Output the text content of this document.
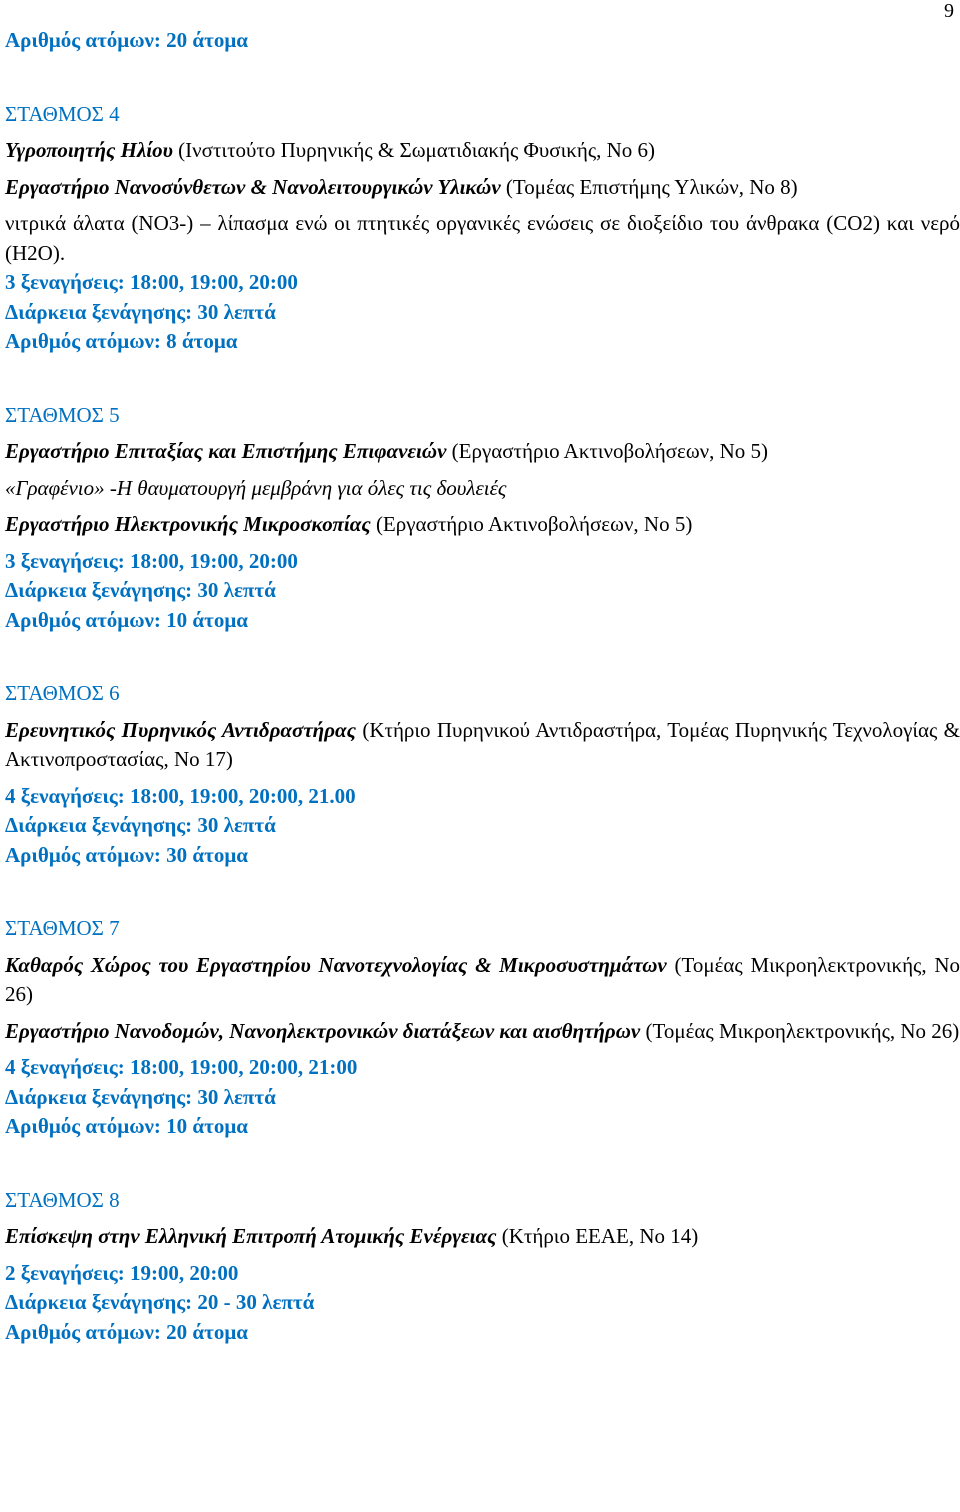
9
Αριθμός ατόμων: 20 άτομα
ΣΤΑΘΜΟΣ 4

Υγροποιητής Ηλίου (Ινστιτούτο Πυρηνικής & Σωματιδιακής Φυσικής, Νο 6)

Εργαστήριο Νανοσύνθετων & Νανολειτουργικών Υλικών (Τομέας Επιστήμης Υλικών, Νο 8)

νιτρικά άλατα (NO3-) – λίπασμα ενώ οι πτητικές οργανικές ενώσεις σε διοξείδιο του άνθρακα (CO2) και νερό (H2O).

3 ξεναγήσεις: 18:00, 19:00, 20:00
Διάρκεια ξενάγησης: 30 λεπτά
Αριθμός ατόμων: 8 άτομα
ΣΤΑΘΜΟΣ 5

Εργαστήριο Επιταξίας και Επιστήμης Επιφανειών (Εργαστήριο Ακτινοβολήσεων, Νο 5)

«Γραφένιο» -Η θαυματουργή μεμβράνη για όλες τις δουλειές

Εργαστήριο Ηλεκτρονικής Μικροσκοπίας (Εργαστήριο Ακτινοβολήσεων, Νο 5)

3 ξεναγήσεις: 18:00, 19:00, 20:00
Διάρκεια ξενάγησης: 30 λεπτά
Αριθμός ατόμων: 10 άτομα
ΣΤΑΘΜΟΣ 6

Ερευνητικός Πυρηνικός Αντιδραστήρας (Κτήριο Πυρηνικού Αντιδραστήρα, Τομέας Πυρηνικής Τεχνολογίας & Ακτινοπροστασίας, Νο 17)

4 ξεναγήσεις: 18:00, 19:00, 20:00, 21.00
Διάρκεια ξενάγησης: 30 λεπτά
Αριθμός ατόμων: 30 άτομα
ΣΤΑΘΜΟΣ 7

Καθαρός Χώρος του Εργαστηρίου Νανοτεχνολογίας & Μικροσυστημάτων (Τομέας Μικροηλεκτρονικής, Νο 26)

Εργαστήριο Νανοδομών, Νανοηλεκτρονικών διατάξεων και αισθητήρων (Τομέας Μικροηλεκτρονικής, Νο 26)

4 ξεναγήσεις: 18:00, 19:00, 20:00, 21:00
Διάρκεια ξενάγησης: 30 λεπτά
Αριθμός ατόμων: 10 άτομα
ΣΤΑΘΜΟΣ 8

Επίσκεψη στην Ελληνική Επιτροπή Ατομικής Ενέργειας (Κτήριο ΕΕΑΕ, Νο 14)

2 ξεναγήσεις: 19:00, 20:00
Διάρκεια ξενάγησης: 20 - 30 λεπτά
Αριθμός ατόμων: 20 άτομα
